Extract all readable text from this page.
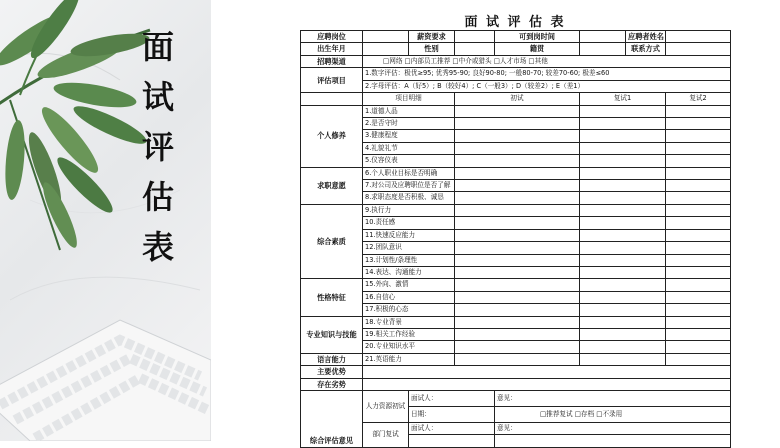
面
试
评
估
表
面 试 评 估 表
应聘岗位		薪资要求		可到岗时间		应聘者姓名	
出生年月		性别		籍贯		联系方式	
招聘渠道	□网络 □内部员工推荐 □中介或猎头 □人才市场 □其他						
评估项目	1.数字评估：极优≥95; 优秀95-90; 良好90-80; 一般80-70; 较差70-60; 极差≤60						
	2.字母评估：A（好5）; B（较好4）; C（一般3）; D（较差2）; E（差1）						
	项目明细		初试		复试1		复试2
个人修养	1.道德人品						
	2.是否守时						
	3.健康程度						
	4.礼貌礼节						
	5.仪容仪表						
求职意愿	6.个人职业目标是否明确						
	7.对公司及应聘职位是否了解						
	8.求职态度是否积极、诚恳						
综合素质	9.执行力						
	10.责任感						
	11.快速反应能力						
	12.团队意识						
	13.计划性/条理性						
	14.表达、沟通能力						
性格特征	15.外向、激情						
	16.自信心						
	17.积极的心态						
专业知识与技能	18.专业背景						
	19.相关工作经验						
	20.专业知识水平						
语言能力	21.英语能力						
主要优势							
存在劣势							
综合评估意见	人力资源初试	面试人：		意见：			
		日期：		□推荐复试 □存档 □不录用			
	部门复试	面试人：		意见：			
